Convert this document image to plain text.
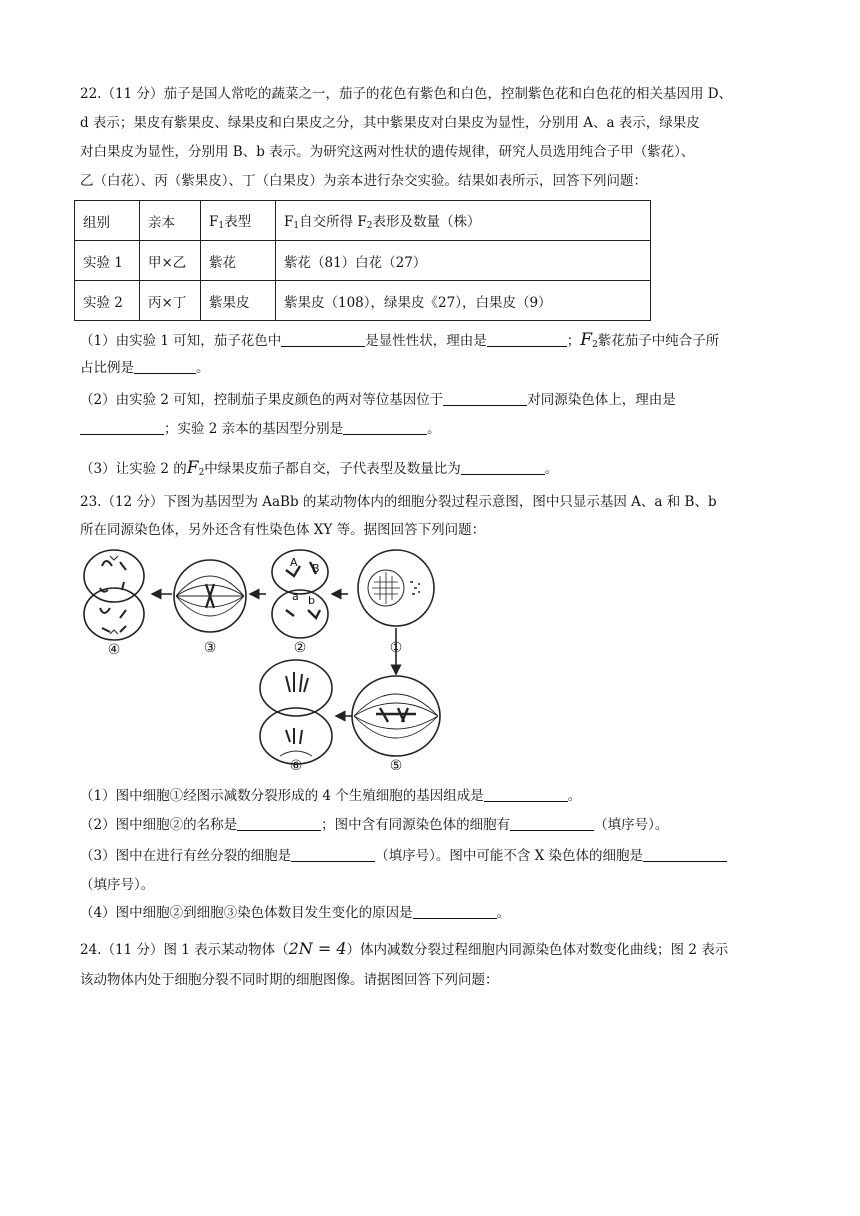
22.（11 分）茄子是国人常吃的蔬菜之一，茄子的花色有紫色和白色，控制紫色花和白色花的相关基因用 D、
d 表示；果皮有紫果皮、绿果皮和白果皮之分，其中紫果皮对白果皮为显性，分别用 A、a 表示，绿果皮
对白果皮为显性，分别用 B、b 表示。为研究这两对性状的遗传规律，研究人员选用纯合子甲（紫花）、
乙（白花）、丙（紫果皮）、丁（白果皮）为亲本进行杂交实验。结果如表所示，回答下列问题：
组别	亲本	$F_1$表型	$F_1$自交所得 $F_2$表形及数量（株）
实验 1	甲×乙	紫花	紫花（81）白花（27）
实验 2	丙×丁	紫果皮	紫果皮（108），绿果皮《27），白果皮（9）
（1）由实验 1 可知，茄子花色中	是显性性状，理由是	；$F_2$紫花茄子中纯合子所
占比例是	。
（2）由实验 2 可知，控制茄子果皮颜色的两对等位基因位于	对同源染色体上，理由是
；实验 2 亲本的基因型分别是	。
（3）让实验 2 的$F_2$中绿果皮茄子都自交，子代表型及数量比为	。
23.（12 分）下图为基因型为 AaBb 的某动物体内的细胞分裂过程示意图，图中只显示基因 A、a 和 B、b
所在同源染色体，另外还含有性染色体 XY 等。据图回答下列问题：
A B
a b
④	③	②	①
⑥	⑤
（1）图中细胞①经图示减数分裂形成的 4 个生殖细胞的基因组成是	。
（2）图中细胞②的名称是	；图中含有同源染色体的细胞有	（填序号）。
（3）图中在进行有丝分裂的细胞是	（填序号）。图中可能不含 X 染色体的细胞是
（填序号）。
（4）图中细胞②到细胞③染色体数目发生变化的原因是	。
24.（11 分）图 1 表示某动物体（2N = 4）体内减数分裂过程细胞内同源染色体对数变化曲线；图 2 表示
该动物体内处于细胞分裂不同时期的细胞图像。请据图回答下列问题：
